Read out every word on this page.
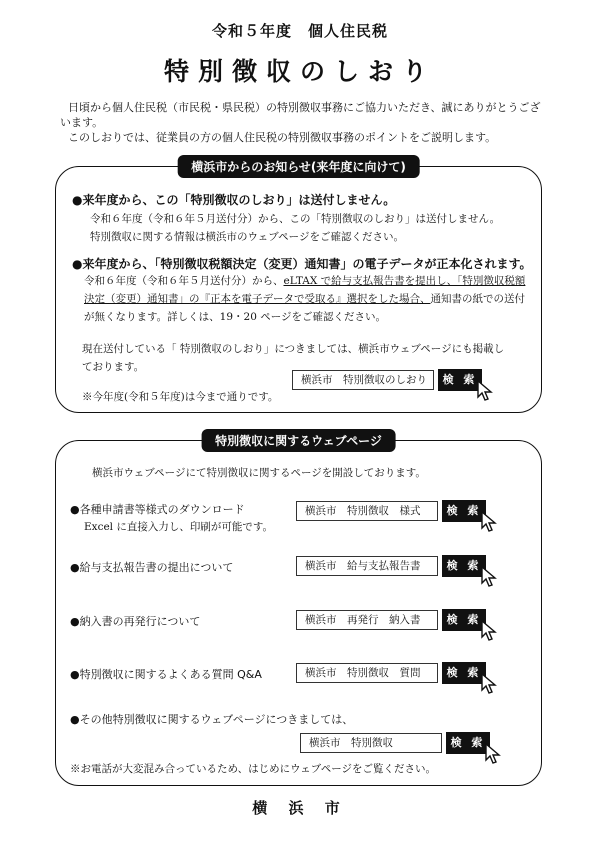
令和５年度　個人住民税
特別徴収のしおり
日頃から個人住民税（市民税・県民税）の特別徴収事務にご協力いただき、誠にありがとうござ
います。
このしおりでは、従業員の方の個人住民税の特別徴収事務のポイントをご説明します。
横浜市からのお知らせ(来年度に向けて)
●来年度から、この「特別徴収のしおり」は送付しません。
令和６年度（令和６年５月送付分）から、この「特別徴収のしおり」は送付しません。
特別徴収に関する情報は横浜市のウェブページをご確認ください。
●来年度から、「特別徴収税額決定（変更）通知書」の電子データが正本化されます。
令和６年度（令和６年５月送付分）から、eLTAX で給与支払報告書を提出し、「特別徴収税額
決定（変更）通知書」の『正本を電子データで受取る』選択をした場合、通知書の紙での送付
が無くなります。詳しくは、19・20 ページをご確認ください。
現在送付している「 特別徴収のしおり」につきましては、横浜市ウェブページにも掲載し
ております。
横浜市　特別徴収のしおり	検 索
※今年度(令和５年度)は今まで通りです。
特別徴収に関するウェブページ
横浜市ウェブページにて特別徴収に関するページを開設しております。
●各種申請書等様式のダウンロード
Excel に直接入力し、印刷が可能です。
横浜市　特別徴収　様式	検 索
●給与支払報告書の提出について	横浜市　給与支払報告書	検 索
●納入書の再発行について	横浜市　再発行　納入書	検 索
●特別徴収に関するよくある質問 Q&A	横浜市　特別徴収　質問	検 索
●その他特別徴収に関するウェブページにつきましては、
横浜市　特別徴収	検 索
※お電話が大変混み合っているため、はじめにウェブページをご覧ください。
横 浜 市
